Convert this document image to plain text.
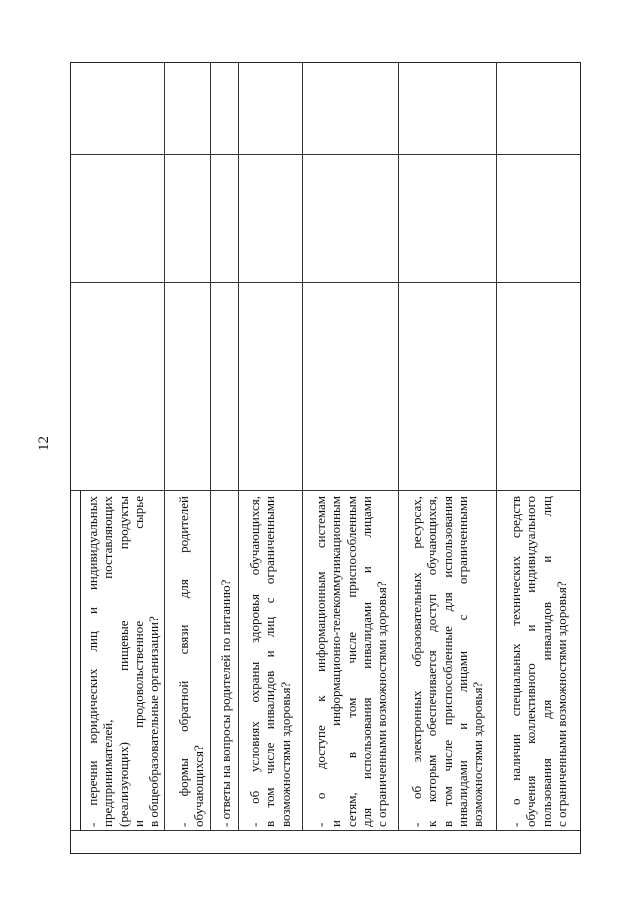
12
- перечни юридических лиц и индивидуальных предпринимателей, поставляющих (реализующих) пищевые продукты и продовольственное сырье в общеобразовательные организации? - формы обратной связи для родителей обучающихся? - ответы на вопросы родителей по питанию? - об условиях охраны здоровья обучающихся, в том числе инвалидов и лиц с ограниченными возможностями здоровья? - о доступе к информационным системам и информационно-телекоммуникационным сетям, в том числе приспособленным для использования инвалидами и лицами с ограниченными возможностями здоровья? - об электронных образовательных ресурсах, к которым обеспечивается доступ обучающихся, в том числе приспособленные для использования инвалидами и лицами с ограниченными возможностями здоровья? - о наличии специальных технических средств обучения коллективного и индивидуального пользования для инвалидов и лиц с ограниченными возможностями здоровья?
